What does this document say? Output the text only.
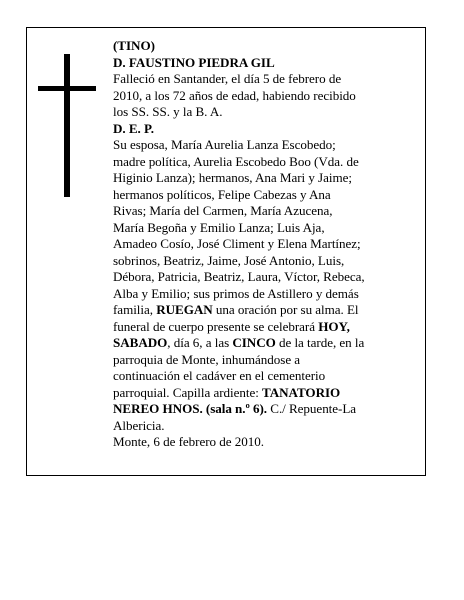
(TINO)

D. FAUSTINO PIEDRA GIL

Falleció en Santander, el día 5 de febrero de 2010, a los 72 años de edad, habiendo recibido los SS. SS. y la B. A.

D. E. P.

Su esposa, María Aurelia Lanza Escobedo; madre política, Aurelia Escobedo Boo (Vda. de Higinio Lanza); hermanos, Ana Mari y Jaime; hermanos políticos, Felipe Cabezas y Ana Rivas; María del Carmen, María Azucena, María Begoña y Emilio Lanza; Luis Aja, Amadeo Cosío, José Climent y Elena Martínez; sobrinos, Beatriz, Jaime, José Antonio, Luis, Débora, Patricia, Beatriz, Laura, Víctor, Rebeca, Alba y Emilio; sus primos de Astillero y demás familia, RUEGAN una oración por su alma. El funeral de cuerpo presente se celebrará HOY, SABADO, día 6, a las CINCO de la tarde, en la parroquia de Monte, inhumándose a continuación el cadáver en el cementerio parroquial. Capilla ardiente: TANATORIO NEREO HNOS. (sala n.º 6). C./ Repuente-La Albericia.

Monte, 6 de febrero de 2010.
